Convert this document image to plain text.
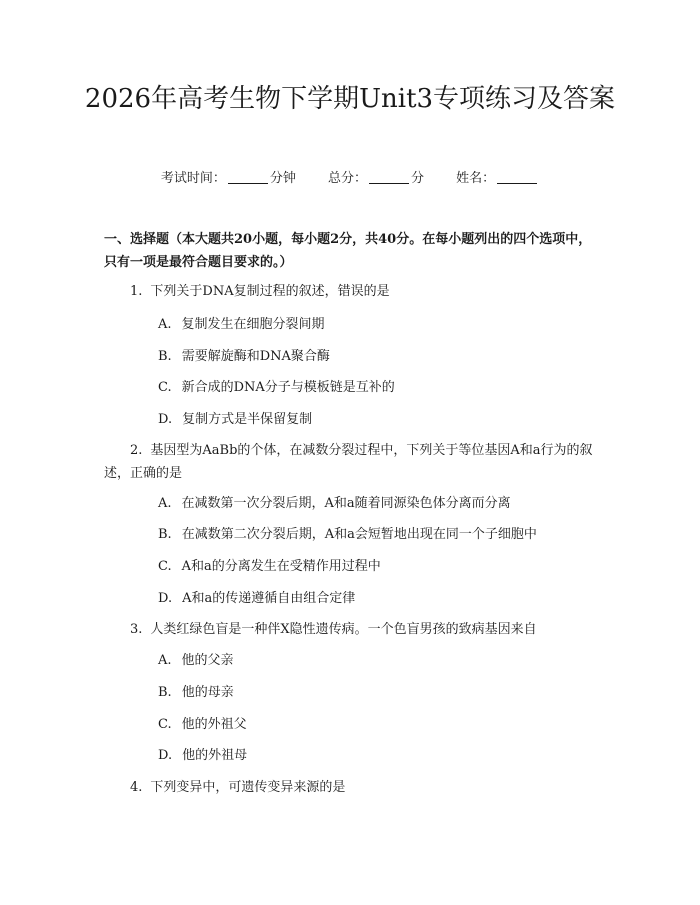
2026年高考生物下学期Unit3专项练习及答案
考试时间：	分钟 总分：	分 姓名：
一、选择题（本大题共20小题，每小题2分，共40分。在每小题列出的四个选项中，只有一项是最符合题目要求的。）
1. 下列关于DNA复制过程的叙述，错误的是
A. 复制发生在细胞分裂间期
B. 需要解旋酶和DNA聚合酶
C. 新合成的DNA分子与模板链是互补的
D. 复制方式是半保留复制
2. 基因型为AaBb的个体，在减数分裂过程中，下列关于等位基因A和a行为的叙述，正确的是
A. 在减数第一次分裂后期，A和a随着同源染色体分离而分离
B. 在减数第二次分裂后期，A和a会短暂地出现在同一个子细胞中
C. A和a的分离发生在受精作用过程中
D. A和a的传递遵循自由组合定律
3. 人类红绿色盲是一种伴X隐性遗传病。一个色盲男孩的致病基因来自
A. 他的父亲
B. 他的母亲
C. 他的外祖父
D. 他的外祖母
4. 下列变异中，可遗传变异来源的是
